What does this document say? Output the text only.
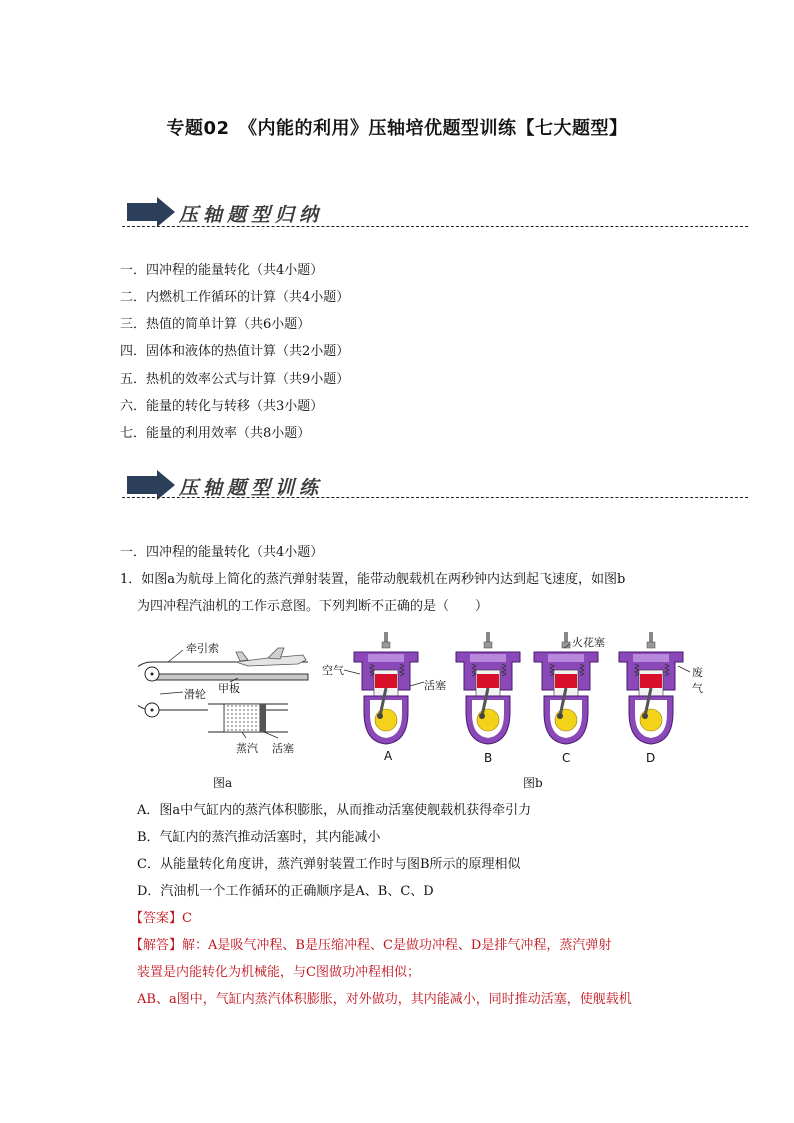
专题02　《内能的利用》压轴培优题型训练【七大题型】
压轴题型归纳
一．四冲程的能量转化（共4小题）
二．内燃机工作循环的计算（共4小题）
三．热值的简单计算（共6小题）
四．固体和液体的热值计算（共2小题）
五．热机的效率公式与计算（共9小题）
六．能量的转化与转移（共3小题）
七．能量的利用效率（共8小题）
压轴题型训练
一．四冲程的能量转化（共4小题）
1．如图a为航母上简化的蒸汽弹射装置，能带动舰载机在两秒钟内达到起飞速度，如图b
为四冲程汽油机的工作示意图。下列判断不正确的是（　　）
牵引索
滑轮 甲板
蒸汽 活塞
图a
空气
活塞
火花塞
废
气
A	B	C	D
图b
A．图a中气缸内的蒸汽体积膨胀，从而推动活塞使舰载机获得牵引力
B．气缸内的蒸汽推动活塞时，其内能减小
C．从能量转化角度讲，蒸汽弹射装置工作时与图B所示的原理相似
D．汽油机一个工作循环的正确顺序是A、B、C、D
【答案】C
【解答】解：A是吸气冲程、B是压缩冲程、C是做功冲程、D是排气冲程，蒸汽弹射
装置是内能转化为机械能，与C图做功冲程相似；
AB、a图中，气缸内蒸汽体积膨胀，对外做功，其内能减小，同时推动活塞，使舰载机
